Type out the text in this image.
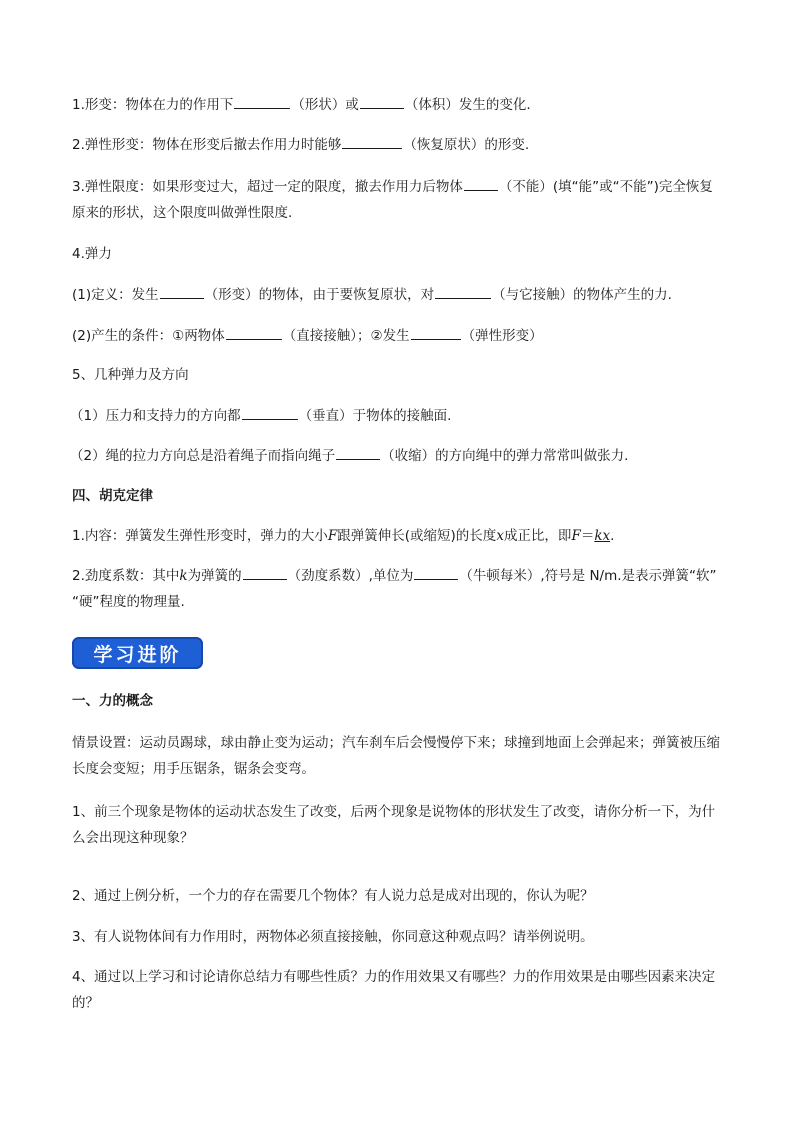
1.形变：物体在力的作用下	（形状）或	（体积）发生的变化.
2.弹性形变：物体在形变后撤去作用力时能够	（恢复原状）的形变.
3.弹性限度：如果形变过大，超过一定的限度，撤去作用力后物体	（不能）(填“能”或“不能”)完全恢复
原来的形状，这个限度叫做弹性限度.
4.弹力
(1)定义：发生	（形变）的物体，由于要恢复原状，对	（与它接触）的物体产生的力.
(2)产生的条件：①两物体	（直接接触）；②发生	（弹性形变）
5、几种弹力及方向
（1）压力和支持力的方向都	（垂直）于物体的接触面.
（2）绳的拉力方向总是沿着绳子而指向绳子	（收缩）的方向绳中的弹力常常叫做张力.
四、胡克定律
1.内容：弹簧发生弹性形变时，弹力的大小F跟弹簧伸长(或缩短)的长度x成正比，即F＝kx.
2.劲度系数：其中k为弹簧的	（劲度系数）,单位为	（牛顿每米）,符号是 N/m.是表示弹簧“软”
“硬”程度的物理量.
学习进阶
一、力的概念
情景设置：运动员踢球，球由静止变为运动；汽车刹车后会慢慢停下来；球撞到地面上会弹起来；弹簧被压缩长度会变短；用手压锯条，锯条会变弯。
1、前三个现象是物体的运动状态发生了改变，后两个现象是说物体的形状发生了改变，请你分析一下，为什么会出现这种现象？
2、通过上例分析，一个力的存在需要几个物体？有人说力总是成对出现的，你认为呢？
3、有人说物体间有力作用时，两物体必须直接接触，你同意这种观点吗？请举例说明。
4、通过以上学习和讨论请你总结力有哪些性质？力的作用效果又有哪些？力的作用效果是由哪些因素来决定的？
